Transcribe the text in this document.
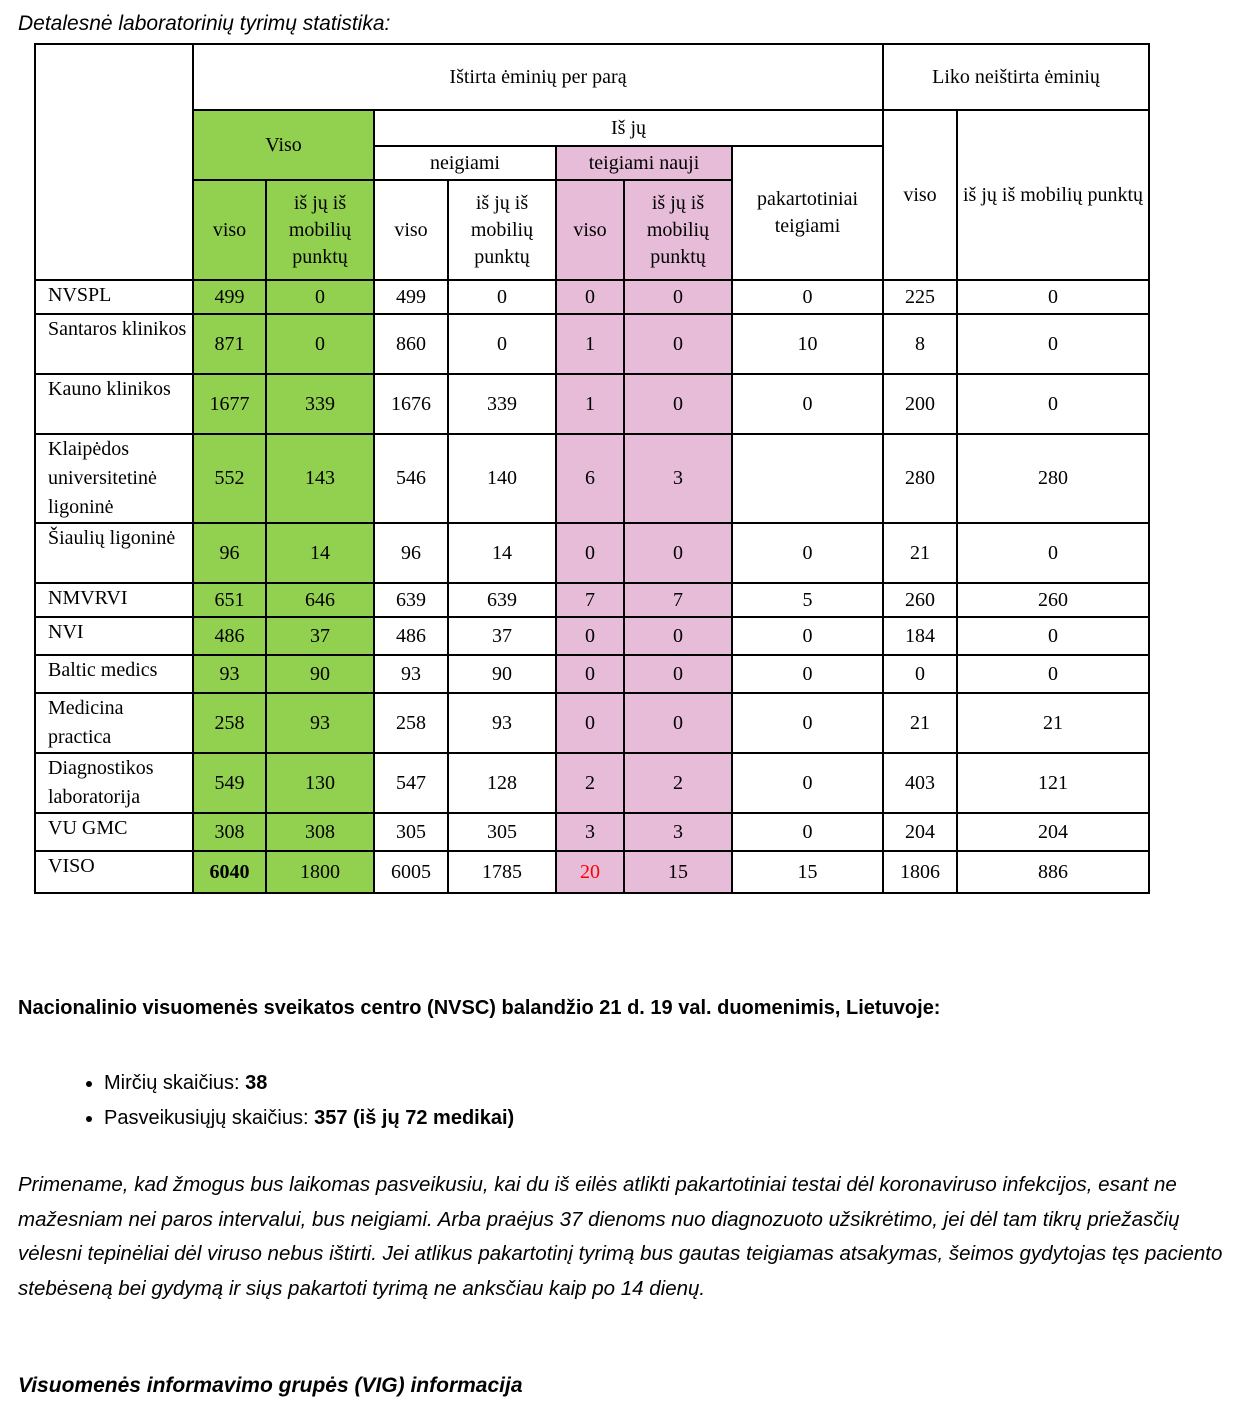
Detalesnė laboratorinių tyrimų statistika:
	Ištirta ėminių per parą							Liko neištirta ėminių	
	Viso		Iš jų					viso	iš jų iš mobilių punktų
			neigiami		teigiami nauji		pakartotiniai teigiami		
	viso	iš jų iš mobilių punktų	viso	iš jų iš mobilių punktų	viso	iš jų iš mobilių punktų			
NVSPL	499	0	499	0	0	0	0	225	0
Santaros klinikos	871	0	860	0	1	0	10	8	0
Kauno klinikos	1677	339	1676	339	1	0	0	200	0
Klaipėdos universitetinė ligoninė	552	143	546	140	6	3		280	280
Šiaulių ligoninė	96	14	96	14	0	0	0	21	0
NMVRVI	651	646	639	639	7	7	5	260	260
NVI	486	37	486	37	0	0	0	184	0
Baltic medics	93	90	93	90	0	0	0	0	0
Medicina practica	258	93	258	93	0	0	0	21	21
Diagnostikos laboratorija	549	130	547	128	2	2	0	403	121
VU GMC	308	308	305	305	3	3	0	204	204
VISO	6040	1800	6005	1785	20	15	15	1806	886
Nacionalinio visuomenės sveikatos centro (NVSC) balandžio 21 d. 19 val. duomenimis, Lietuvoje:
• Mirčių skaičius: 38
• Pasveikusiųjų skaičius: 357 (iš jų 72 medikai)
Primename, kad žmogus bus laikomas pasveikusiu, kai du iš eilės atlikti pakartotiniai testai dėl koronaviruso infekcijos, esant ne mažesniam nei paros intervalui, bus neigiami. Arba praėjus 37 dienoms nuo diagnozuoto užsikrėtimo, jei dėl tam tikrų priežasčių vėlesni tepinėliai dėl viruso nebus ištirti. Jei atlikus pakartotinį tyrimą bus gautas teigiamas atsakymas, šeimos gydytojas tęs paciento stebėseną bei gydymą ir siųs pakartoti tyrimą ne anksčiau kaip po 14 dienų.
Visuomenės informavimo grupės (VIG) informacija
